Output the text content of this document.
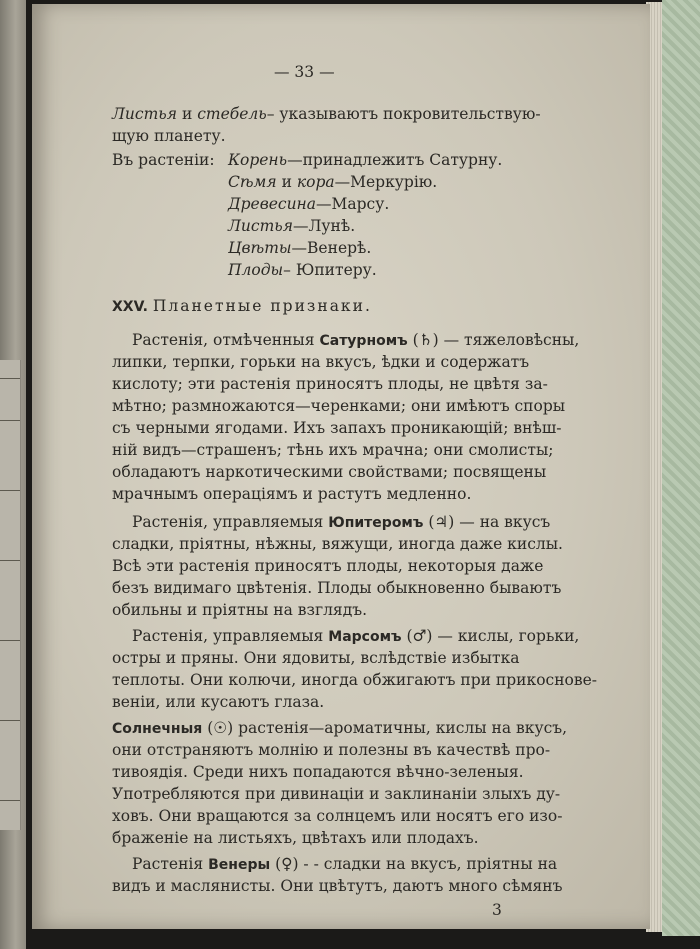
— 33 —
Листья и стебель– указываютъ покровительствую-
щую планету.
Въ растеніи: Корень—принадлежитъ Сатурну.
Сѣмя и кора—Меркурію.
Древесина—Марсу.
Листья—Лунѣ.
Цвѣты—Венерѣ.
Плоды– Юпитеру.
XXV. Планетные признаки.
Растенія, отмѣченныя Сатурномъ (♄) — тяжеловѣсны,
липки, терпки, горьки на вкусъ, ѣдки и содержатъ
кислоту; эти растенія приносятъ плоды, не цвѣтя за-
мѣтно; размножаются—черенками; они имѣютъ споры
съ черными ягодами. Ихъ запахъ проникающій; внѣш-
ній видъ—страшенъ; тѣнь ихъ мрачна; они смолисты;
обладаютъ наркотическими свойствами; посвящены
мрачнымъ операціямъ и растутъ медленно.
Растенія, управляемыя Юпитеромъ (♃) — на вкусъ
сладки, пріятны, нѣжны, вяжущи, иногда даже кислы.
Всѣ эти растенія приносятъ плоды, некоторыя даже
безъ видимаго цвѣтенія. Плоды обыкновенно бываютъ
обильны и пріятны на взглядъ.
Растенія, управляемыя Марсомъ (♂) — кислы, горьки,
остры и пряны. Они ядовиты, вслѣдствіе избытка
теплоты. Они колючи, иногда обжигаютъ при прикоснове-
веніи, или кусаютъ глаза.
Солнечныя (☉) растенія—ароматичны, кислы на вкусъ,
они отстраняютъ молнію и полезны въ качествѣ про-
тивоядія. Среди нихъ попадаются вѣчно-зеленыя.
Употребляются при дивинаціи и заклинаніи злыхъ ду-
ховъ. Они вращаются за солнцемъ или носятъ его изо-
браженіе на листьяхъ, цвѣтахъ или плодахъ.
Растенія Венеры (♀) - - сладки на вкусъ, пріятны на
видъ и маслянисты. Они цвѣтутъ, даютъ много сѣмянъ
3
